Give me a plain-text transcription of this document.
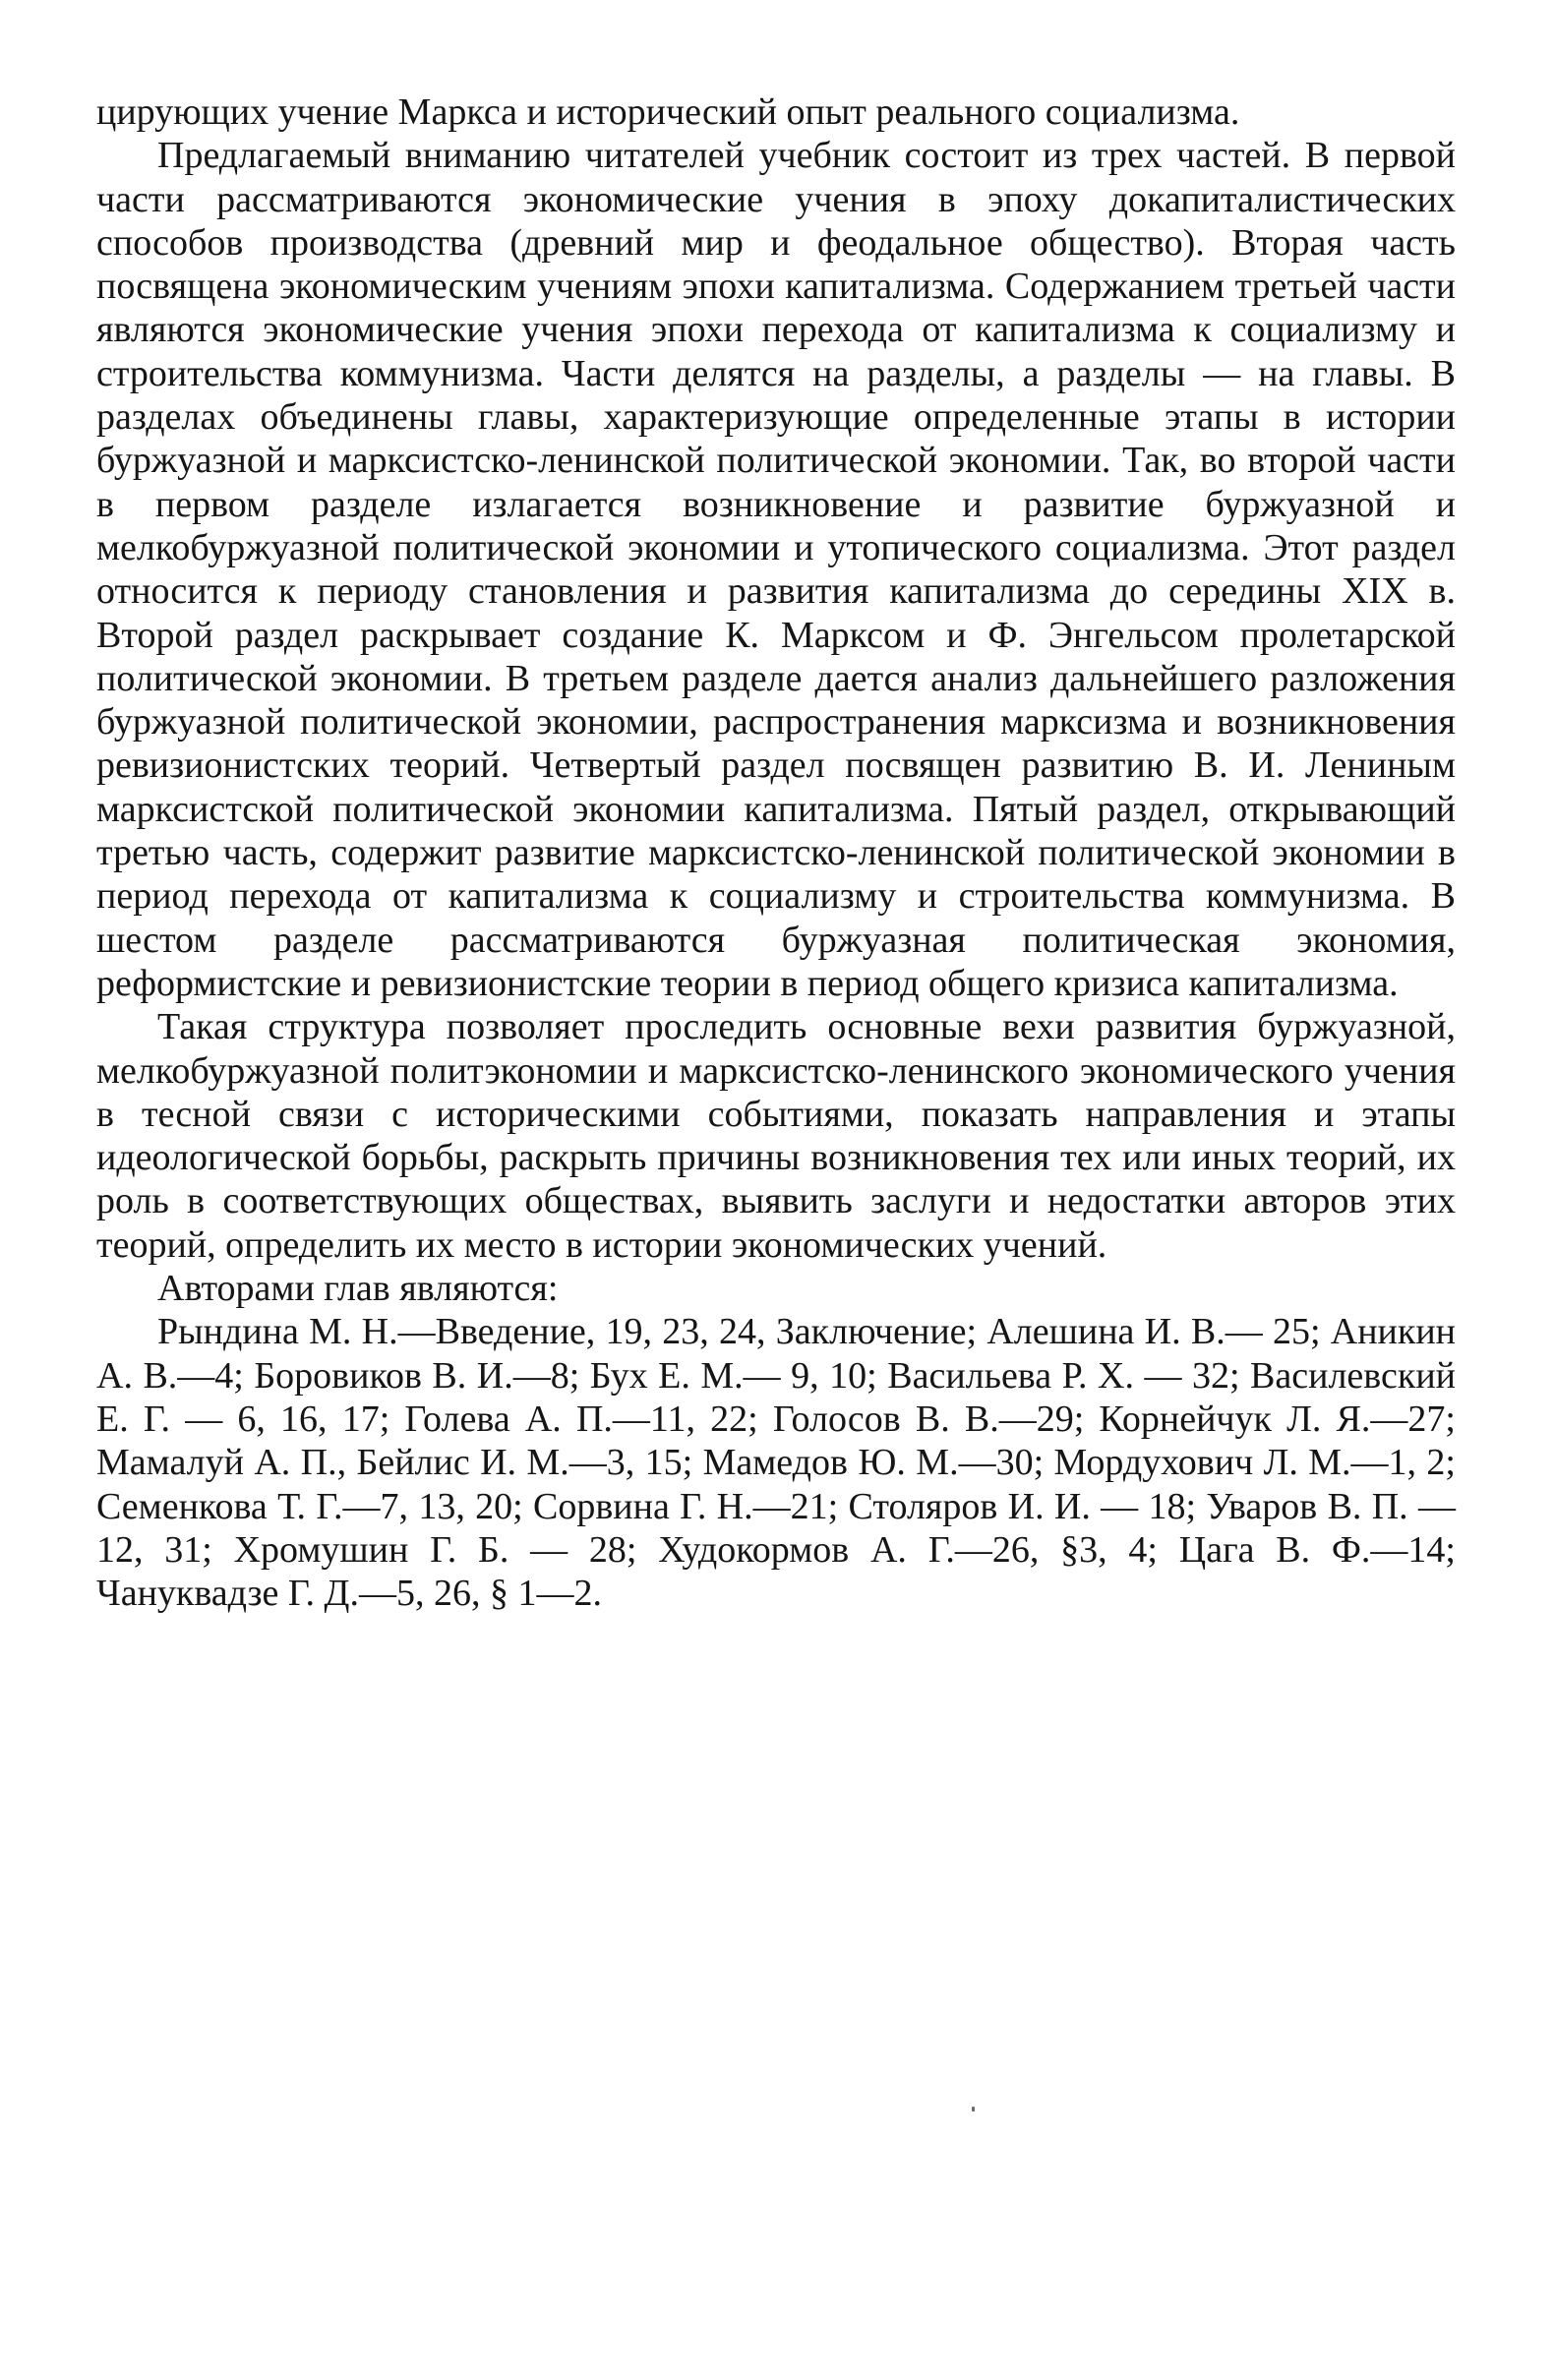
цирующих учение Маркса и исторический опыт реального социализма.

Предлагаемый вниманию читателей учебник состоит из трех частей. В первой части рассматриваются экономические учения в эпоху докапиталистических способов производства (древний мир и феодальное общество). Вторая часть посвящена экономическим учениям эпохи капитализма. Содержанием третьей части являются экономические учения эпохи перехода от капитализма к социализму и строительства коммунизма. Части делятся на разделы, а разделы — на главы. В разделах объединены главы, характеризующие определенные этапы в истории буржуазной и марксистско-ленинской политической экономии. Так, во второй части в первом разделе излагается возникновение и развитие буржуазной и мелкобуржуазной политической экономии и утопического социализма. Этот раздел относится к периоду становления и развития капитализма до середины XIX в. Второй раздел раскрывает создание К. Марксом и Ф. Энгельсом пролетарской политической экономии. В третьем разделе дается анализ дальнейшего разложения буржуазной политической экономии, распространения марксизма и возникновения ревизионистских теорий. Четвертый раздел посвящен развитию В. И. Лениным марксистской политической экономии капитализма. Пятый раздел, открывающий третью часть, содержит развитие марксистско-ленинской политической экономии в период перехода от капитализма к социализму и строительства коммунизма. В шестом разделе рассматриваются буржуазная политическая экономия, реформистские и ревизионистские теории в период общего кризиса капитализма.

Такая структура позволяет проследить основные вехи развития буржуазной, мелкобуржуазной политэкономии и марксистско-ленинского экономического учения в тесной связи с историческими событиями, показать направления и этапы идеологической борьбы, раскрыть причины возникновения тех или иных теорий, их роль в соответствующих обществах, выявить заслуги и недостатки авторов этих теорий, определить их место в истории экономических учений.

Авторами глав являются:

Рындина М. Н.—Введение, 19, 23, 24, Заключение; Алешина И. В.— 25; Аникин А. В.—4; Боровиков В. И.—8; Бух Е. М.— 9, 10; Васильева Р. Х. — 32; Василевский Е. Г. — 6, 16, 17; Голева А. П.—11, 22; Голосов В. В.—29; Корнейчук Л. Я.—27; Мамалуй А. П., Бейлис И. М.—3, 15; Мамедов Ю. М.—30; Мордухович Л. М.—1, 2; Семенкова Т. Г.—7, 13, 20; Сорвина Г. Н.—21; Столяров И. И. — 18; Уваров В. П. — 12, 31; Хромушин Г. Б. — 28; Худокормов А. Г.—26, §3, 4; Цага В. Ф.—14; Чануквадзе Г. Д.—5, 26, § 1—2.
